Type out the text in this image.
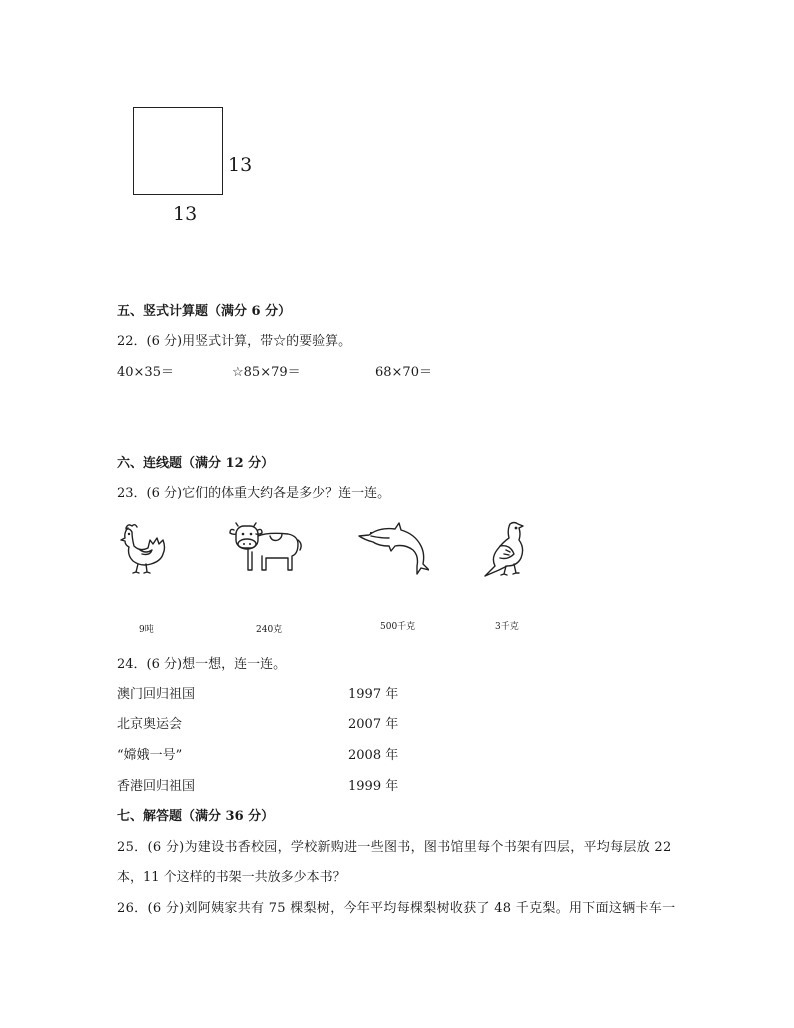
13
13
五、竖式计算题（满分 6 分）
22．(6 分)用竖式计算，带☆的要验算。
40×35＝	☆85×79＝	68×70＝
六、连线题（满分 12 分）
23．(6 分)它们的体重大约各是多少？连一连。
9吨	240克	500千克	3千克
24．(6 分)想一想，连一连。
澳门回归祖国	1997 年
北京奥运会	2007 年
“嫦娥一号”	2008 年
香港回归祖国	1999 年
七、解答题（满分 36 分）
25．(6 分)为建设书香校园，学校新购进一些图书，图书馆里每个书架有四层，平均每层放 22
本，11 个这样的书架一共放多少本书？
26．(6 分)刘阿姨家共有 75 棵梨树，今年平均每棵梨树收获了 48 千克梨。用下面这辆卡车一
